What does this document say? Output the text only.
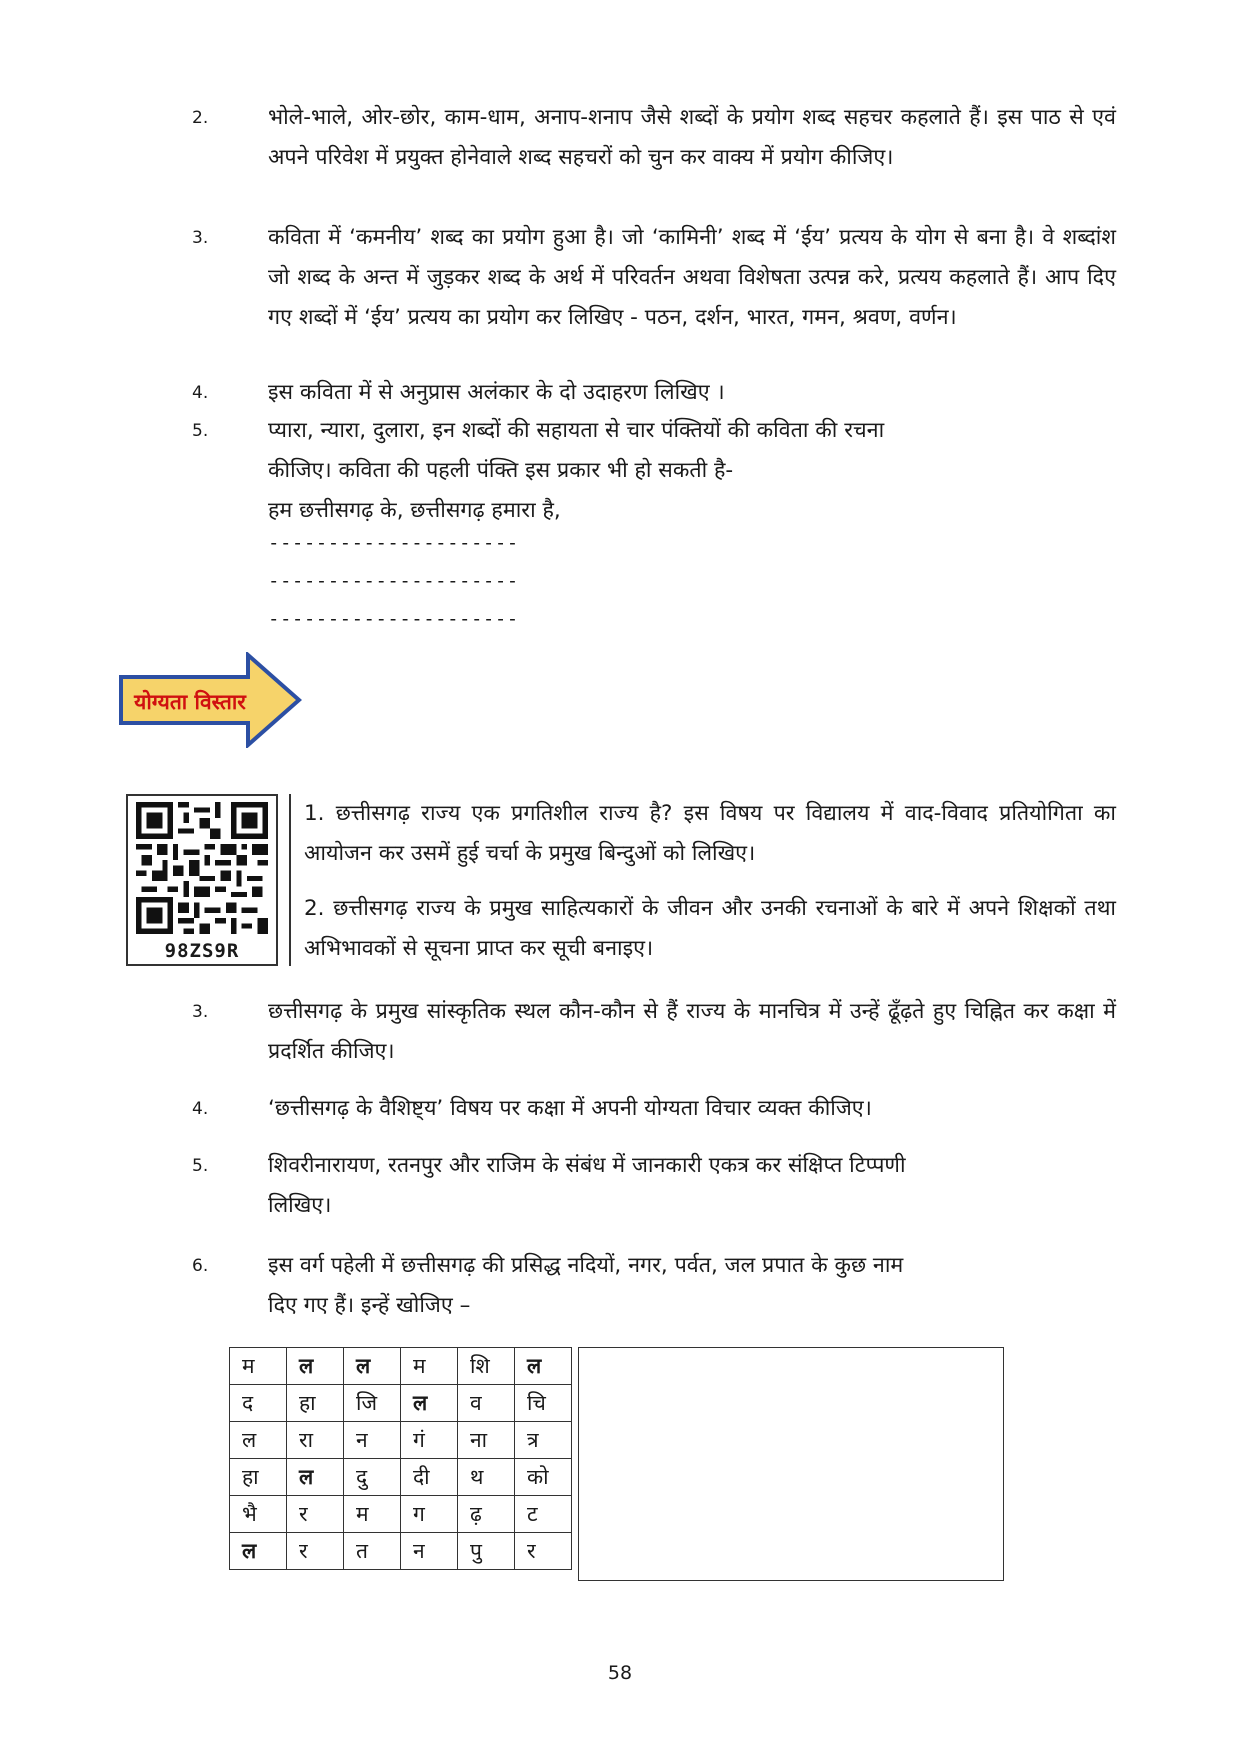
2.	भोले-भाले, ओर-छोर, काम-धाम, अनाप-शनाप जैसे शब्दों के प्रयोग शब्द सहचर कहलाते हैं। इस पाठ से एवं अपने परिवेश में प्रयुक्त होनेवाले शब्द सहचरों को चुन कर वाक्य में प्रयोग कीजिए।
3.	कविता में ‘कमनीय’ शब्द का प्रयोग हुआ है। जो ‘कामिनी’ शब्द में ‘ईय’ प्रत्यय के योग से बना है। वे शब्दांश जो शब्द के अन्त में जुड़कर शब्द के अर्थ में परिवर्तन अथवा विशेषता उत्पन्न करे, प्रत्यय कहलाते हैं। आप दिए गए शब्दों में ‘ईय’ प्रत्यय का प्रयोग कर लिखिए - पठन, दर्शन, भारत, गमन, श्रवण, वर्णन।
4.	इस कविता में से अनुप्रास अलंकार के दो उदाहरण लिखिए ।
5.	प्यारा, न्यारा, दुलारा, इन शब्दों की सहायता से चार पंक्तियों की कविता की रचना

कीजिए। कविता की पहली पंक्ति इस प्रकार भी हो सकती है-

हम छत्तीसगढ़ के, छत्तीसगढ़ हमारा है,

---------------------
---------------------
---------------------
योग्यता विस्तार
98ZS9R

1. छत्तीसगढ़ राज्य एक प्रगतिशील राज्य है? इस विषय पर विद्यालय में वाद-विवाद प्रतियोगिता का आयोजन कर उसमें हुई चर्चा के प्रमुख बिन्दुओं को लिखिए।

2. छत्तीसगढ़ राज्य के प्रमुख साहित्यकारों के जीवन और उनकी रचनाओं के बारे में अपने शिक्षकों तथा अभिभावकों से सूचना प्राप्त कर सूची बनाइए।

3.	छत्तीसगढ़ के प्रमुख सांस्कृतिक स्थल कौन-कौन से हैं राज्य के मानचित्र में उन्हें ढूँढ़ते हुए चिह्नित कर कक्षा में प्रदर्शित कीजिए।
4.	‘छत्तीसगढ़ के वैशिष्ट्य’ विषय पर कक्षा में अपनी योग्यता विचार व्यक्त कीजिए।
5.	शिवरीनारायण, रतनपुर और राजिम के संबंध में जानकारी एकत्र कर संक्षिप्त टिप्पणी

लिखिए।

6.	इस वर्ग पहेली में छत्तीसगढ़ की प्रसिद्ध नदियों, नगर, पर्वत, जल प्रपात के कुछ नाम

दिए गए हैं। इन्हें खोजिए –

म	ल	ल	म	शि	ल
द	हा	जि	ल	व	चि
ल	रा	न	गं	ना	त्र
हा	ल	दु	दी	थ	को
भै	र	म	ग	ढ़	ट
ल	र	त	न	पु	र
58
